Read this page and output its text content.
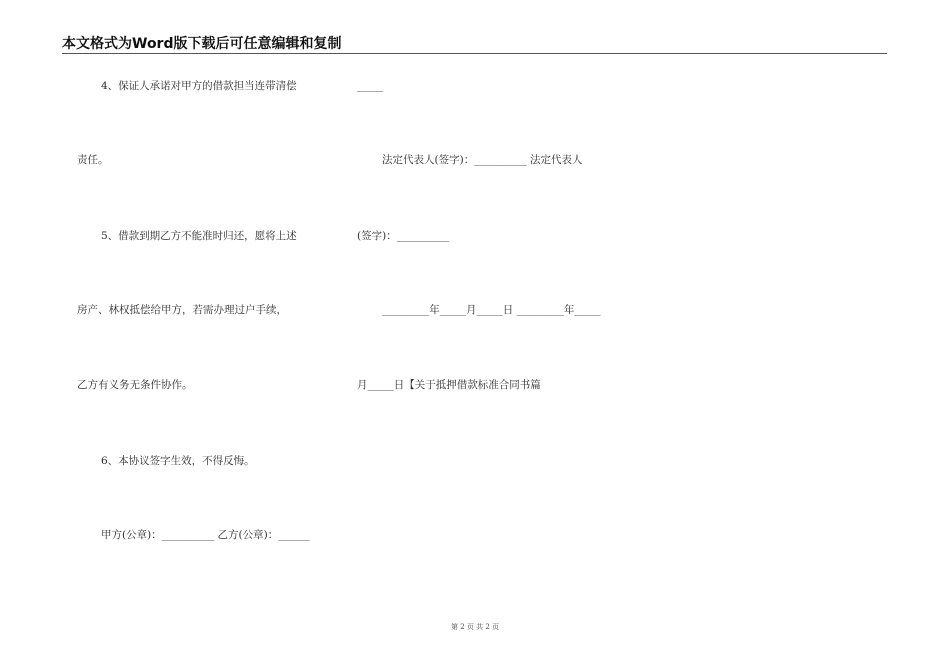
本文格式为Word版下载后可任意编辑和复制
4、保证人承诺对甲方的借款担当连带清偿
责任。
5、借款到期乙方不能准时归还，愿将上述
房产、林权抵偿给甲方，若需办理过户手续，
乙方有义务无条件协作。
6、本协议签字生效，不得反悔。
甲方(公章)：__________ 乙方(公章)：______
_____
法定代表人(签字)：__________ 法定代表人
(签字)：__________
_________年_____月_____日 _________年_____
月_____日【关于抵押借款标准合同书篇
第 2 页 共 2 页
